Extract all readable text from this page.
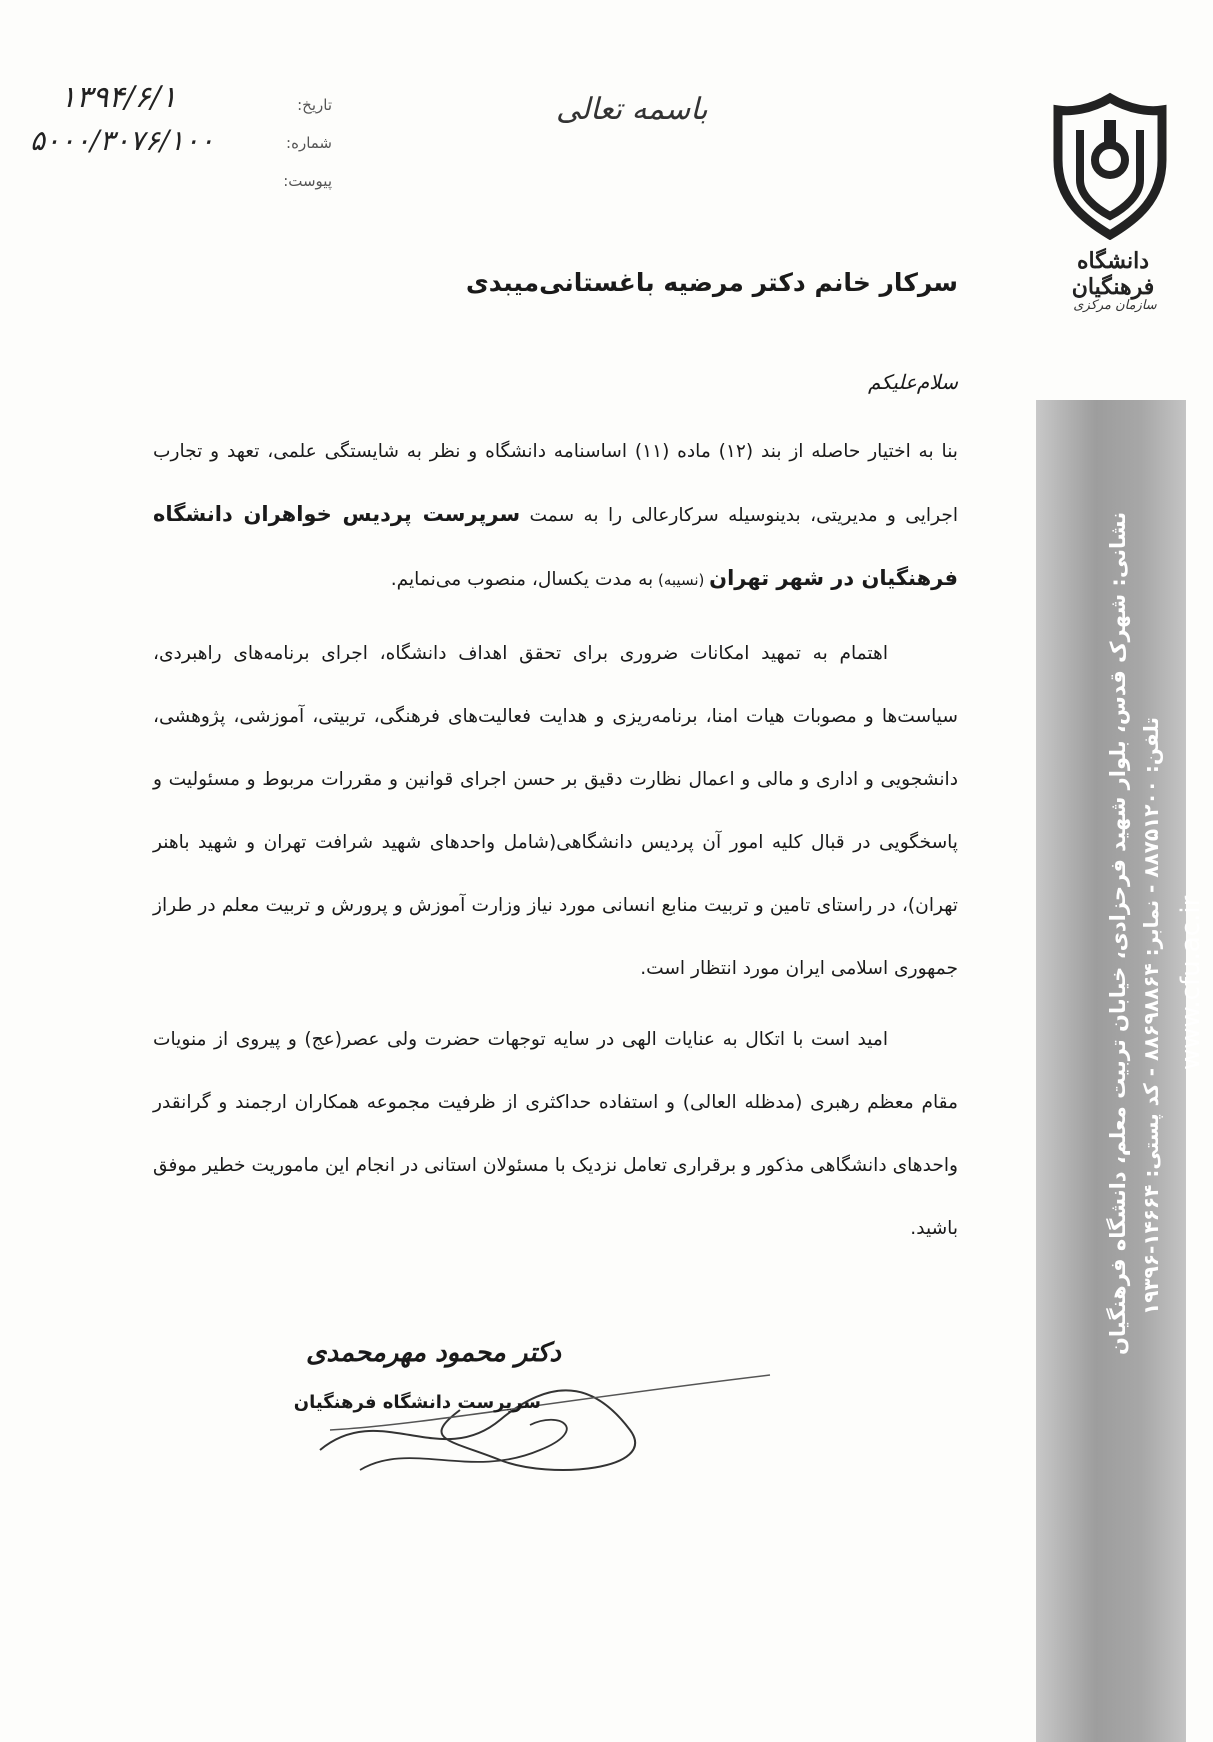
۱۳۹۴/۶/۱
۵۰۰۰/۳۰۷۶/۱۰۰
تاریخ:
شماره:
پیوست:
باسمه تعالی
دانشگاه فرهنگیان
سازمان مرکزی
نشانی: شهرک قدس، بلوار شهید فرحزادی، خیابان تربیت معلم، دانشگاه فرهنگیان تلفن: ۸۸۷۵۱۲۰۰ - نمابر: ۸۸۶۹۸۸۶۴ - کد پستی: ۱۴۶۶۴-۱۹۳۹۶
www.cfu.ac.ir
سرکار خانم دکتر مرضیه باغستانی‌میبدی
سلام‌علیکم
بنا به اختیار حاصله از بند (۱۲) ماده (۱۱) اساسنامه دانشگاه و نظر به شایستگی علمی، تعهد و تجارب اجرایی و مدیریتی، بدینوسیله سرکارعالی را به سمت سرپرست پردیس خواهران دانشگاه فرهنگیان در شهر تهران (نسیبه) به مدت یکسال، منصوب می‌نمایم.
اهتمام به تمهید امکانات ضروری برای تحقق اهداف دانشگاه، اجرای برنامه‌های راهبردی، سیاست‌ها و مصوبات هیات امنا، برنامه‌ریزی و هدایت فعالیت‌های فرهنگی، تربیتی، آموزشی، پژوهشی، دانشجویی و اداری و مالی و اعمال نظارت دقیق بر حسن اجرای قوانین و مقررات مربوط و مسئولیت و پاسخگویی در قبال کلیه امور آن پردیس دانشگاهی(شامل واحدهای شهید شرافت تهران و شهید باهنر تهران)، در راستای تامین و تربیت منابع انسانی مورد نیاز وزارت آموزش و پرورش و تربیت معلم در طراز جمهوری اسلامی ایران مورد انتظار است.
امید است با اتکال به عنایات الهی در سایه توجهات حضرت ولی عصر(عج) و پیروی از منویات مقام معظم رهبری (مدظله العالی) و استفاده حداکثری از ظرفیت مجموعه همکاران ارجمند و گرانقدر واحدهای دانشگاهی مذکور و برقراری تعامل نزدیک با مسئولان استانی در انجام این ماموریت خطیر موفق باشید.
دکتر محمود مهرمحمدی
سرپرست دانشگاه فرهنگیان
